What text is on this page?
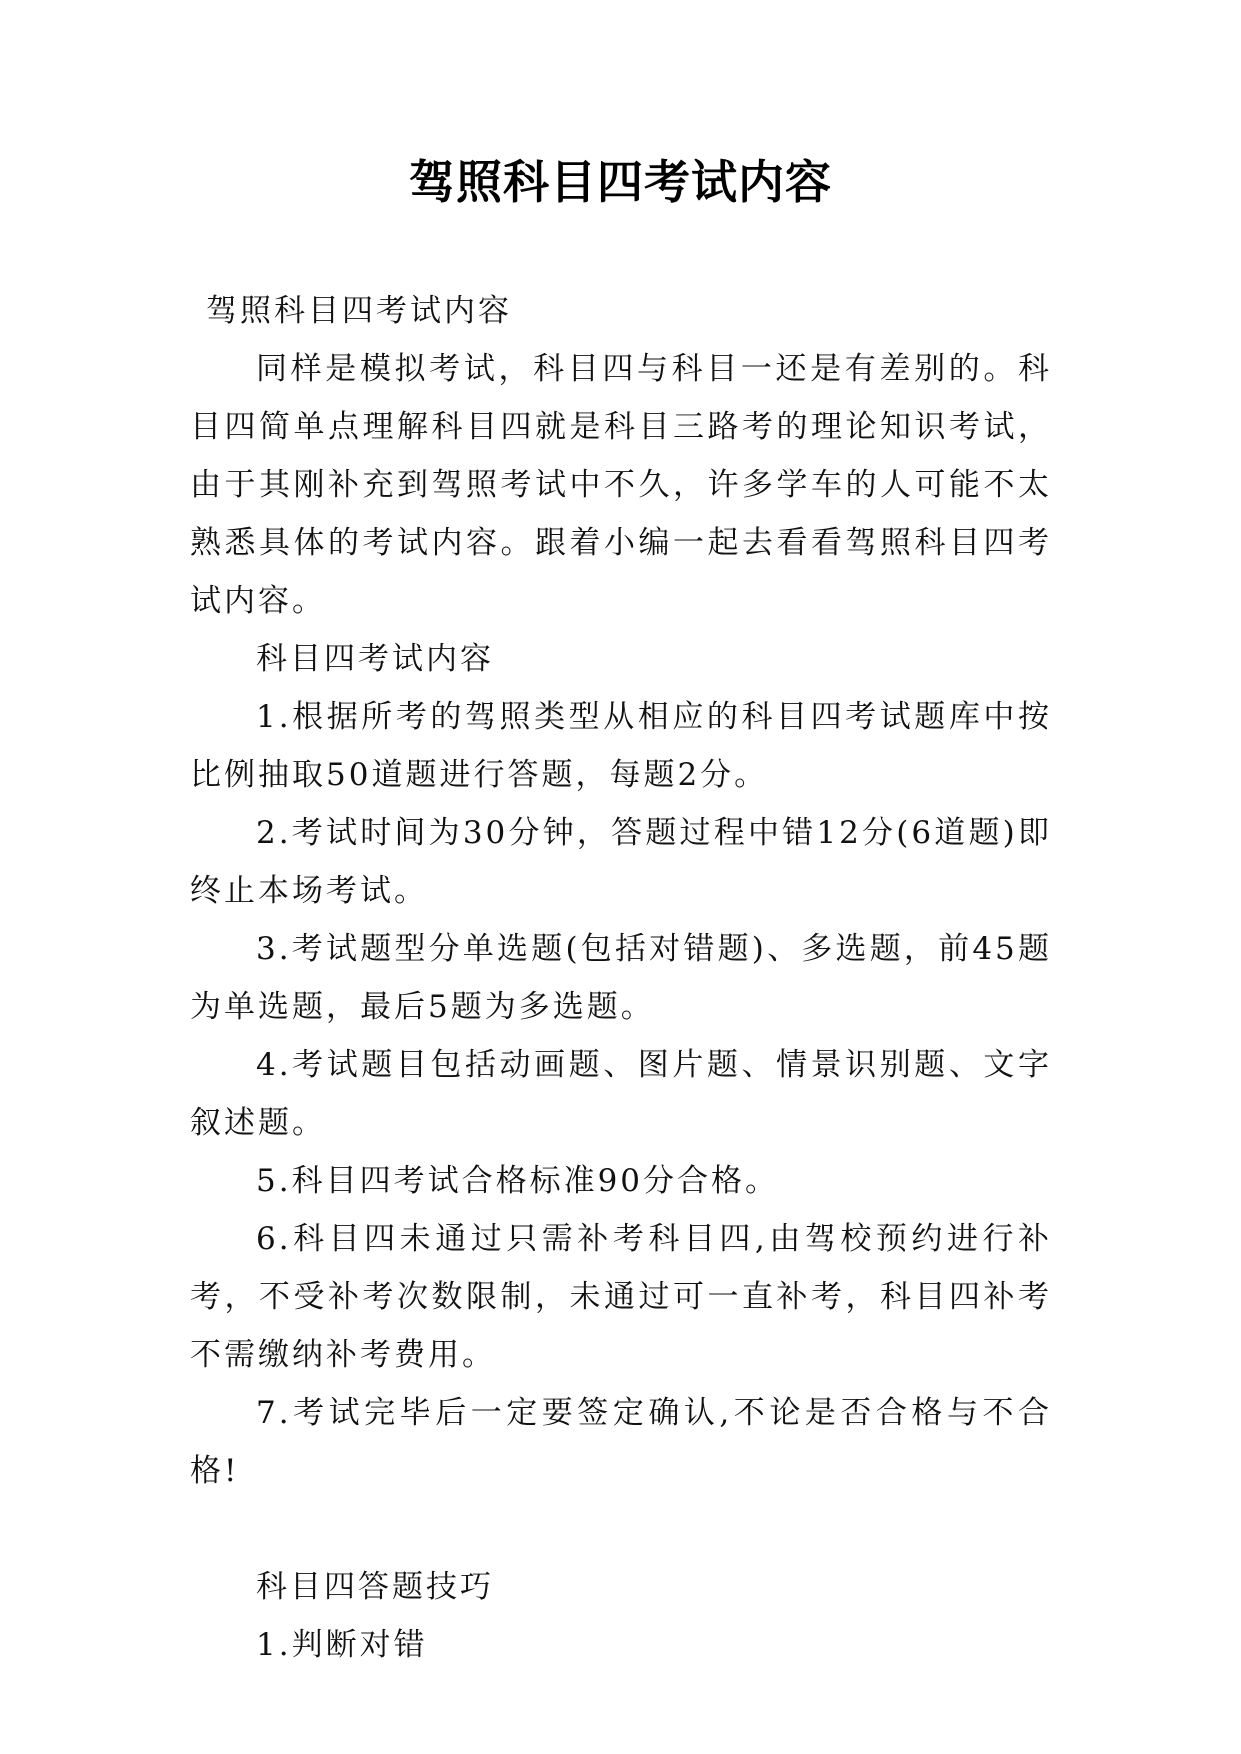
驾照科目四考试内容

驾照科目四考试内容

同样是模拟考试，科目四与科目一还是有差别的。科目四简单点理解科目四就是科目三路考的理论知识考试，由于其刚补充到驾照考试中不久，许多学车的人可能不太熟悉具体的考试内容。跟着小编一起去看看驾照科目四考试内容。

科目四考试内容

1.根据所考的驾照类型从相应的科目四考试题库中按比例抽取50道题进行答题，每题2分。

2.考试时间为30分钟，答题过程中错12分(6道题)即终止本场考试。

3.考试题型分单选题(包括对错题)、多选题，前45题为单选题，最后5题为多选题。

4.考试题目包括动画题、图片题、情景识别题、文字叙述题。

5.科目四考试合格标准90分合格。

6.科目四未通过只需补考科目四,由驾校预约进行补考，不受补考次数限制，未通过可一直补考，科目四补考不需缴纳补考费用。

7.考试完毕后一定要签定确认,不论是否合格与不合格!

科目四答题技巧

1.判断对错
